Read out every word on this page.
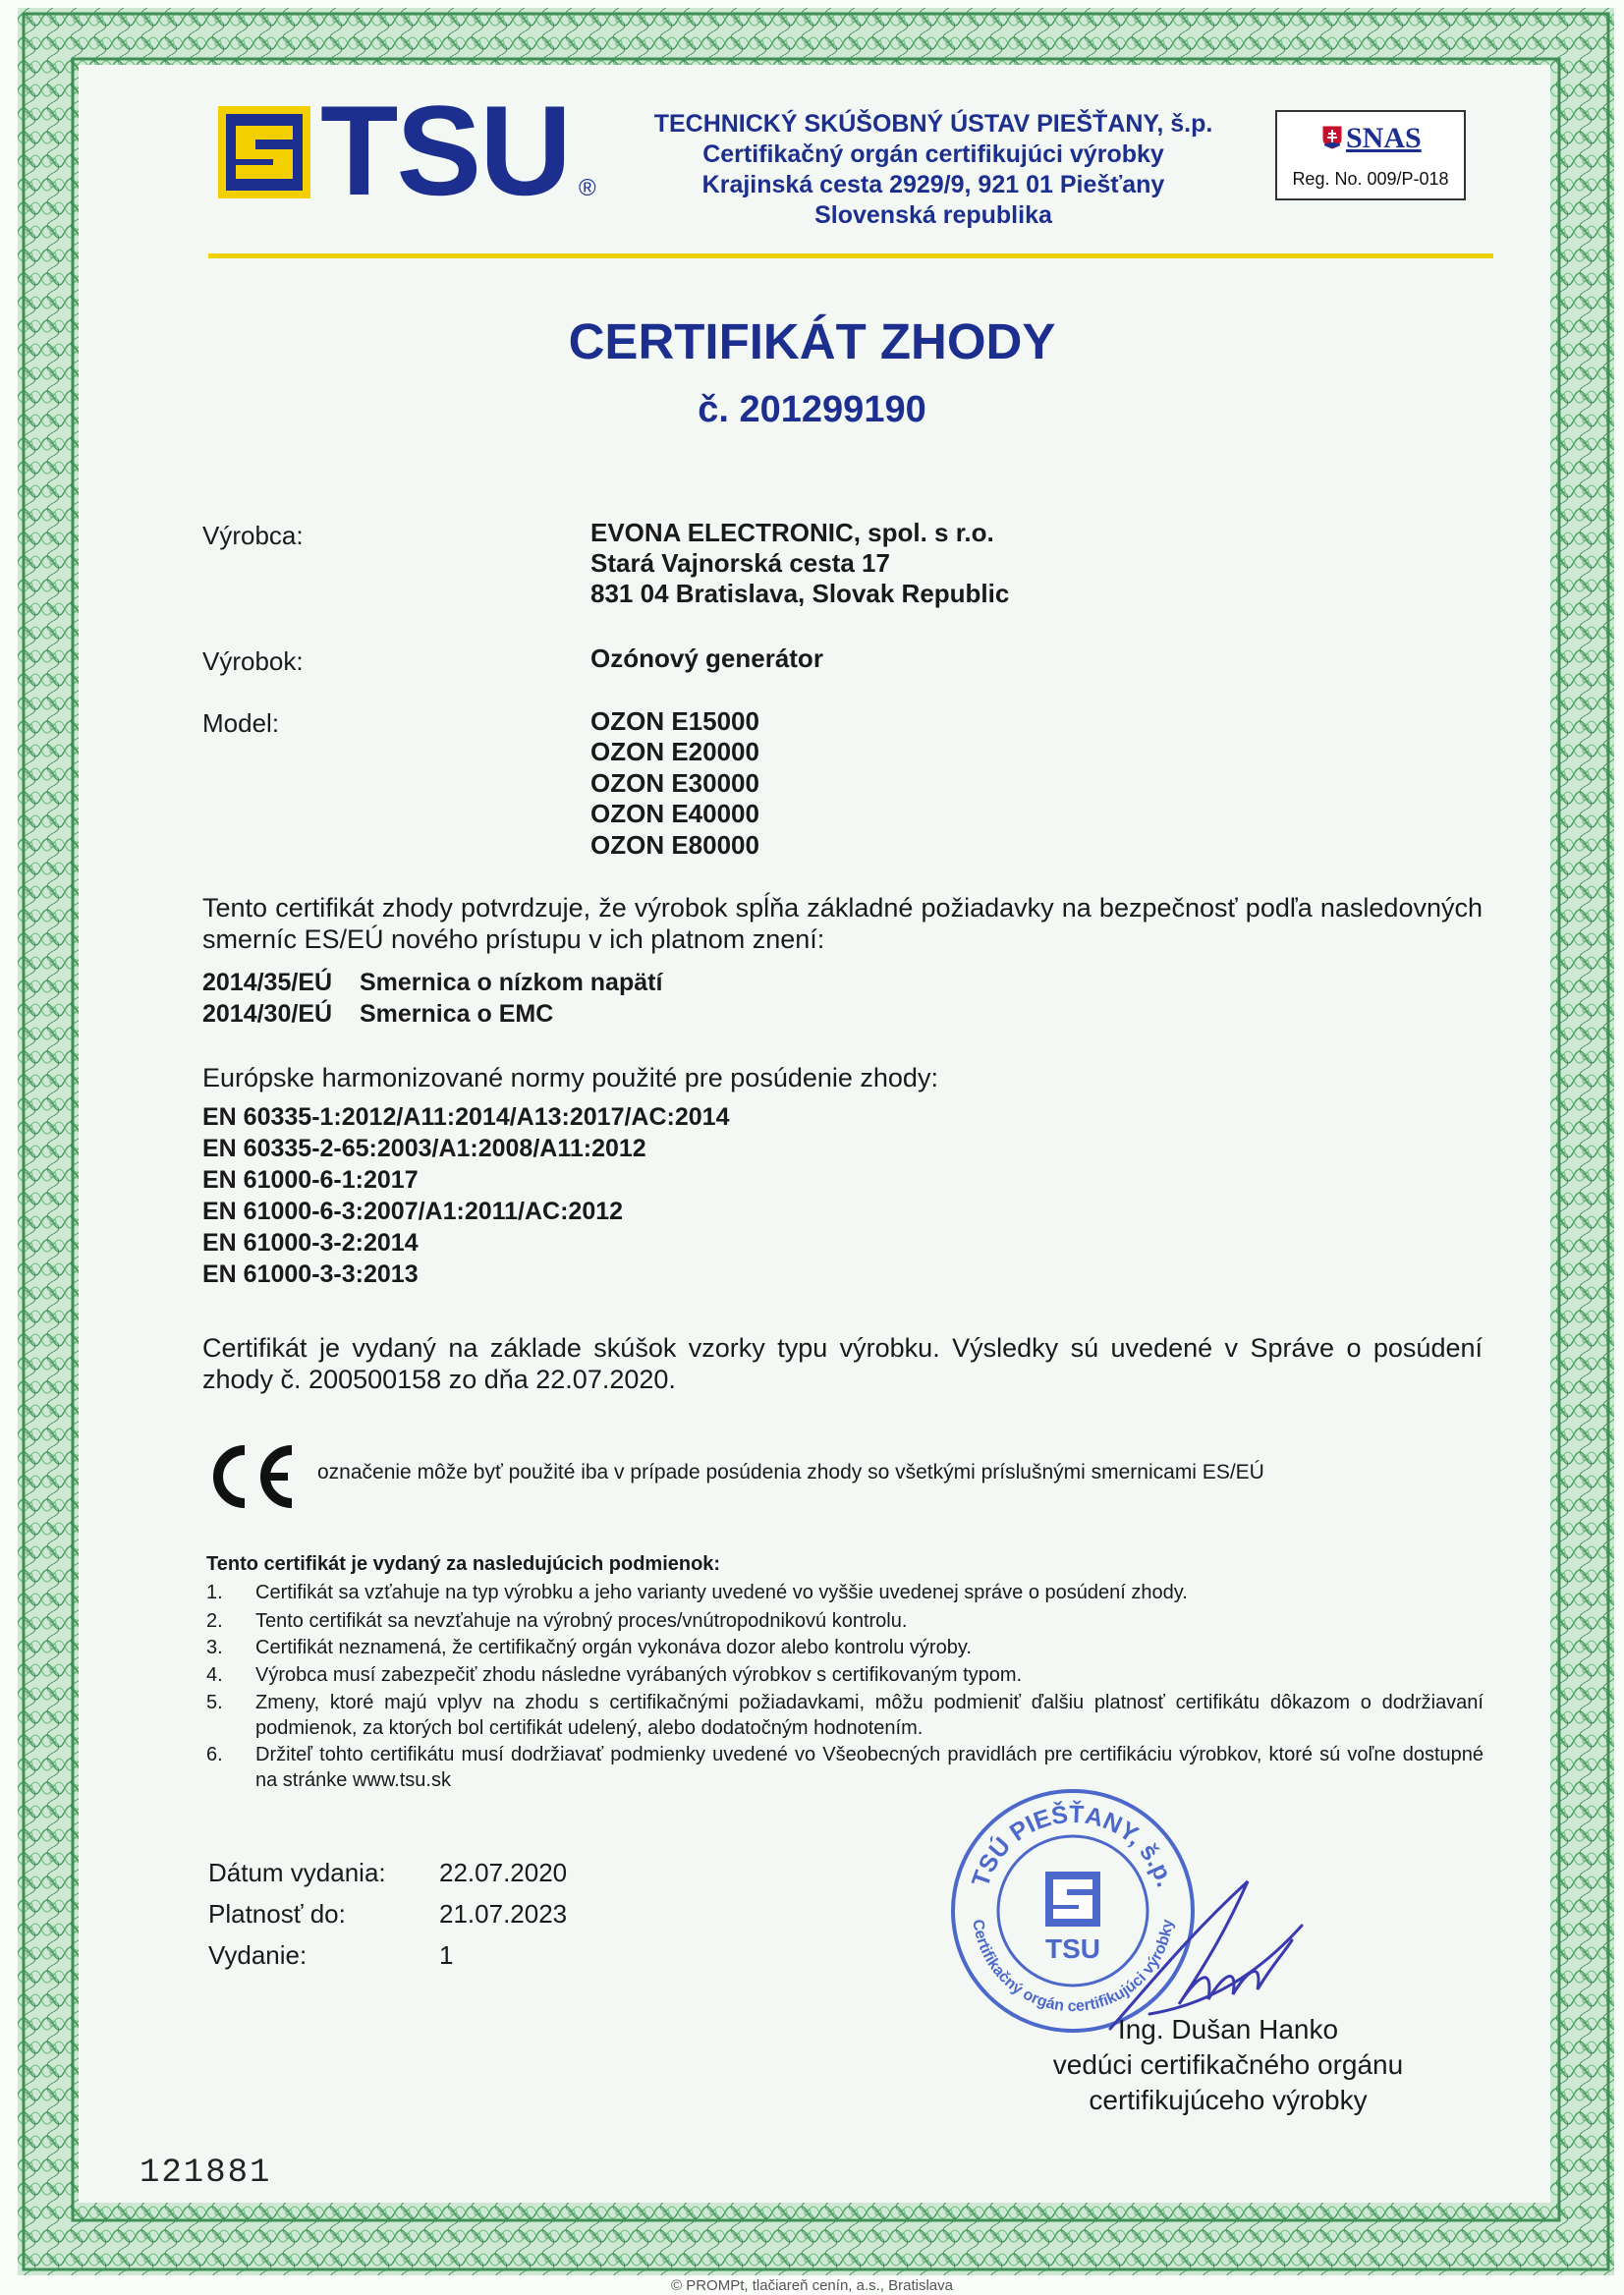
TSU ®
TECHNICKÝ SKÚŠOBNÝ ÚSTAV PIEŠŤANY, š.p.
Certifikačný orgán certifikujúci výrobky
Krajinská cesta 2929/9, 921 01 Piešťany
Slovenská republika
SNAS
Reg. No. 009/P-018
CERTIFIKÁT ZHODY
č. 201299190
Výrobca:	EVONA ELECTRONIC, spol. s r.o.
Stará Vajnorská cesta 17
831 04 Bratislava, Slovak Republic
Výrobok:	Ozónový generátor
Model:	OZON E15000
OZON E20000
OZON E30000
OZON E40000
OZON E80000
Tento certifikát zhody potvrdzuje, že výrobok spĺňa základné požiadavky na bezpečnosť podľa nasledovných smerníc ES/EÚ nového prístupu v ich platnom znení:
2014/35/EÚ Smernica o nízkom napätí
2014/30/EÚ Smernica o EMC
Európske harmonizované normy použité pre posúdenie zhody:
EN 60335-1:2012/A11:2014/A13:2017/AC:2014
EN 60335-2-65:2003/A1:2008/A11:2012
EN 61000-6-1:2017
EN 61000-6-3:2007/A1:2011/AC:2012
EN 61000-3-2:2014
EN 61000-3-3:2013
Certifikát je vydaný na základe skúšok vzorky typu výrobku. Výsledky sú uvedené v Správe o posúdení zhody č. 200500158 zo dňa 22.07.2020.
označenie môže byť použité iba v prípade posúdenia zhody so všetkými príslušnými smernicami ES/EÚ
Tento certifikát je vydaný za nasledujúcich podmienok:
1.	Certifikát sa vzťahuje na typ výrobku a jeho varianty uvedené vo vyššie uvedenej správe o posúdení zhody.
2.	Tento certifikát sa nevzťahuje na výrobný proces/vnútropodnikovú kontrolu.
3.	Certifikát neznamená, že certifikačný orgán vykonáva dozor alebo kontrolu výroby.
4.	Výrobca musí zabezpečiť zhodu následne vyrábaných výrobkov s certifikovaným typom.
5.	Zmeny, ktoré majú vplyv na zhodu s certifikačnými požiadavkami, môžu podmieniť ďalšiu platnosť certifikátu dôkazom o dodržiavaní podmienok, za ktorých bol certifikát udelený, alebo dodatočným hodnotením.
6.	Držiteľ tohto certifikátu musí dodržiavať podmienky uvedené vo Všeobecných pravidlách pre certifikáciu výrobkov, ktoré sú voľne dostupné na stránke www.tsu.sk
Dátum vydania: 22.07.2020
Platnosť do:	21.07.2023
Vydanie:	1
TSÚ PIEŠŤANY, š.p.
Certifikačný orgán certifikujúci výrobky
TSU
Ing. Dušan Hanko
vedúci certifikačného orgánu
certifikujúceho výrobky
121881
© PROMPt, tlačiareň cenín, a.s., Bratislava
